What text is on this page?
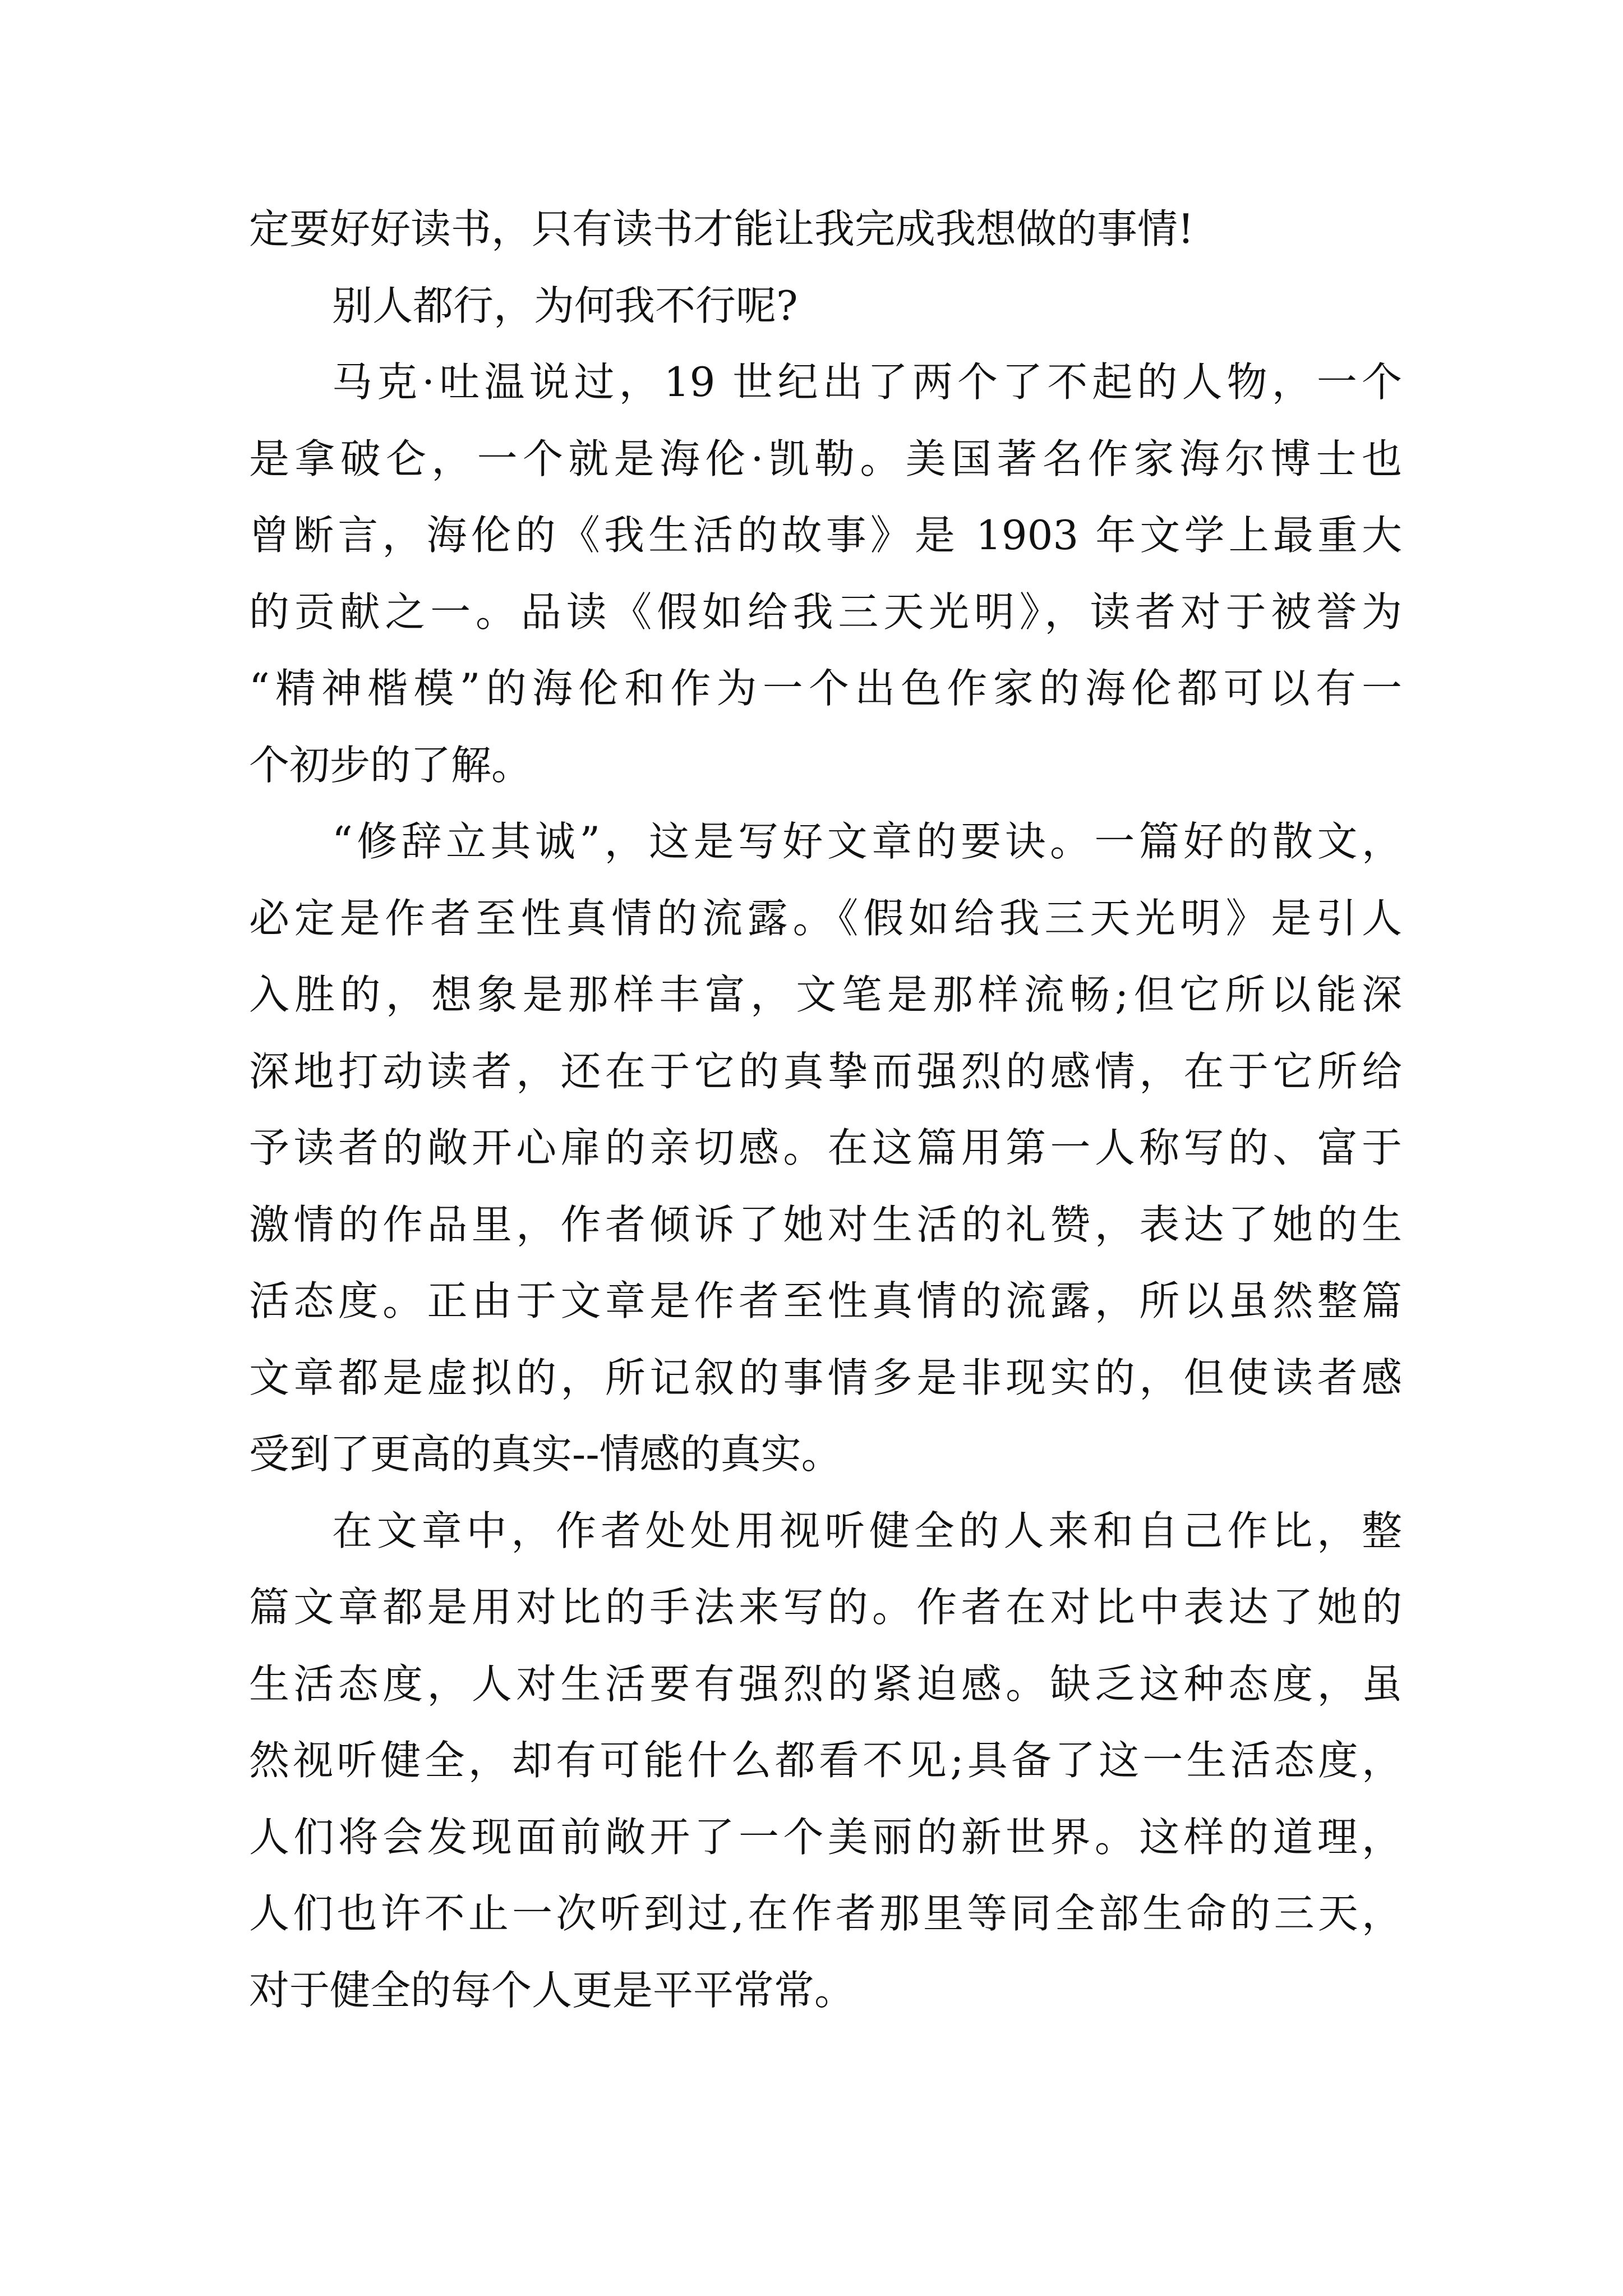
定要好好读书，只有读书才能让我完成我想做的事情!
别人都行，为何我不行呢?
马克·吐温说过，19 世纪出了两个了不起的人物，一个
是拿破仑，一个就是海伦·凯勒。美国著名作家海尔博士也
曾断言，海伦的《我生活的故事》是 1903 年文学上最重大
的贡献之一。品读《假如给我三天光明》，读者对于被誉为
“精神楷模”的海伦和作为一个出色作家的海伦都可以有一
个初步的了解。
“修辞立其诚”，这是写好文章的要诀。一篇好的散文，
必定是作者至性真情的流露。《假如给我三天光明》是引人
入胜的，想象是那样丰富，文笔是那样流畅;但它所以能深
深地打动读者，还在于它的真挚而强烈的感情，在于它所给
予读者的敞开心扉的亲切感。在这篇用第一人称写的、富于
激情的作品里，作者倾诉了她对生活的礼赞，表达了她的生
活态度。正由于文章是作者至性真情的流露，所以虽然整篇
文章都是虚拟的，所记叙的事情多是非现实的，但使读者感
受到了更高的真实--情感的真实。
在文章中，作者处处用视听健全的人来和自己作比，整
篇文章都是用对比的手法来写的。作者在对比中表达了她的
生活态度，人对生活要有强烈的紧迫感。缺乏这种态度，虽
然视听健全，却有可能什么都看不见;具备了这一生活态度，
人们将会发现面前敞开了一个美丽的新世界。这样的道理，
人们也许不止一次听到过,在作者那里等同全部生命的三天，
对于健全的每个人更是平平常常。
